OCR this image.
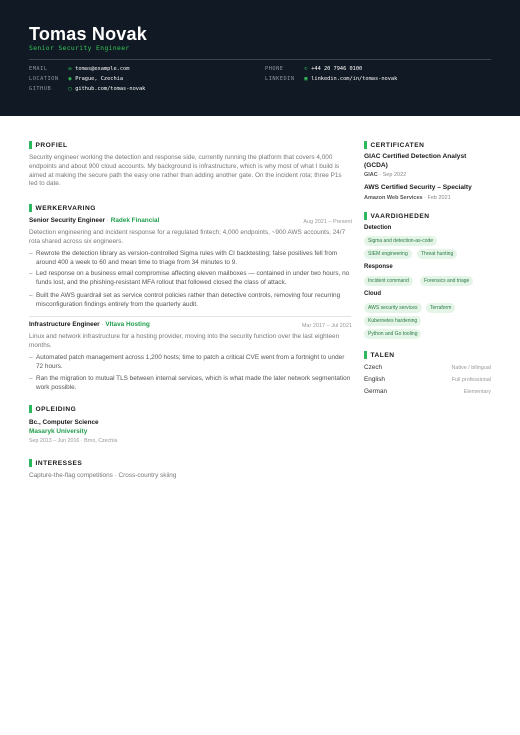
Tomas Novak
Senior Security Engineer
EMAIL	✉ tomas@example.com
LOCATION ◉ Prague, Czechia
GITHUB	▢ github.com/tomas-novak
PHONE	✆ +44 20 7946 0100
LINKEDIN ▣ linkedin.com/in/tomas-novak
PROFIEL
Security engineer working the detection and response side, currently running the platform that covers 4,000 endpoints and about 900 cloud accounts. My background is infrastructure, which is why most of what I build is aimed at making the secure path the easy one rather than adding another gate. On the incident rota; three P1s led to date.
WERKERVARING
Senior Security Engineer · Radek Financial	Aug 2021 – Present
Detection engineering and incident response for a regulated fintech; 4,000 endpoints, ~900 AWS accounts, 24/7 rota shared across six engineers.
– Rewrote the detection library as version-controlled Sigma rules with CI backtesting; false positives fell from around 400 a week to 60 and mean time to triage from 34 minutes to 9.
– Led response on a business email compromise affecting eleven mailboxes — contained in under two hours, no funds lost, and the phishing-resistant MFA rollout that followed closed the class of attack.
– Built the AWS guardrail set as service control policies rather than detective controls, removing four recurring misconfiguration findings entirely from the quarterly audit.
Infrastructure Engineer · Vltava Hosting	Mar 2017 – Jul 2021
Linux and network infrastructure for a hosting provider, moving into the security function over the last eighteen months.
– Automated patch management across 1,200 hosts; time to patch a critical CVE went from a fortnight to under 72 hours.
– Ran the migration to mutual TLS between internal services, which is what made the later network segmentation work possible.
OPLEIDING
Bc., Computer Science
Masaryk University
Sep 2013 – Jun 2016 · Brno, Czechia
INTERESSES
Capture-the-flag competitions · Cross-country skiing
CERTIFICATEN
GIAC Certified Detection Analyst (GCDA)
GIAC · Sep 2022
AWS Certified Security – Specialty
Amazon Web Services · Feb 2021
VAARDIGHEDEN
Detection
Sigma and detection-as-code
SIEM engineering	Threat hunting
Response
Incident command	Forensics and triage
Cloud
AWS security services	Terraform
Kubernetes hardening
Python and Go tooling
TALEN
Czech	Native / bilingual
English	Full professional
German	Elementary
